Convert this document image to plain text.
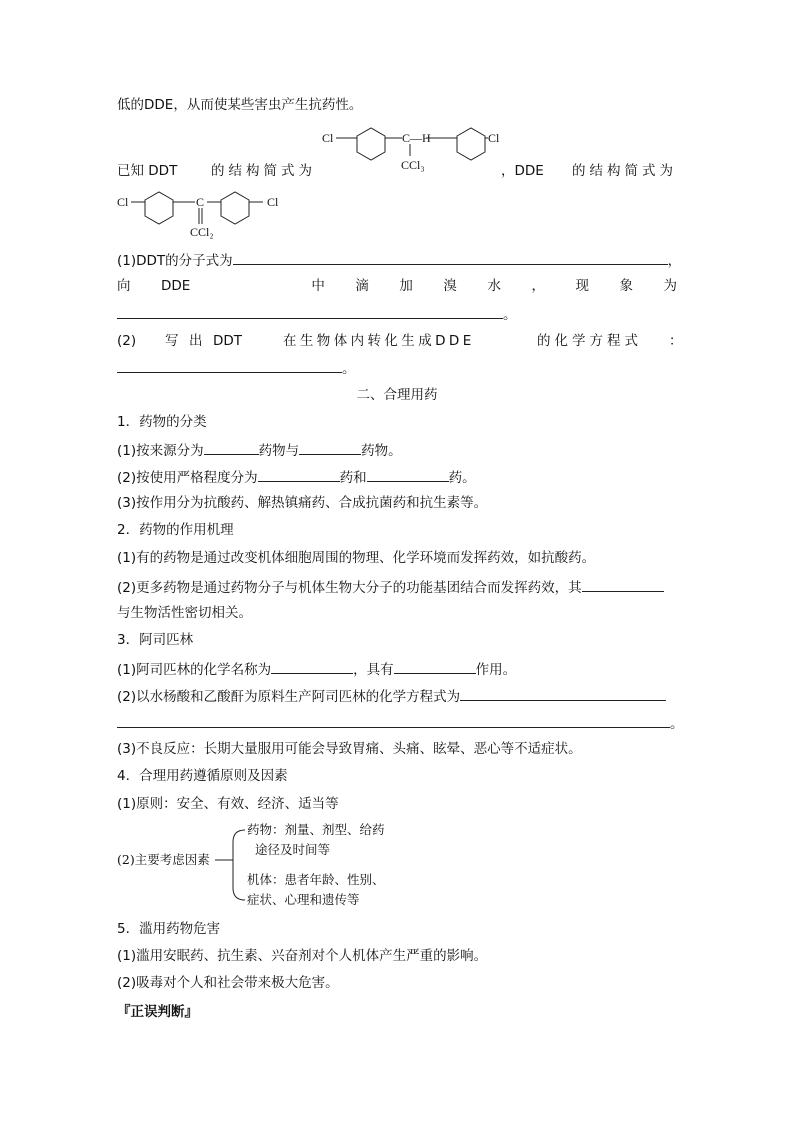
低的DDE，从而使某些害虫产生抗药性。
Cl	C—H	Cl
CCl₃
已知 DDT 的结构简式为	，DDE 的结构简式为
Cl	C	Cl
CCl₂
(1)DDT的分子式为	，
向 DDE	中 滴 加 溴 水 ， 现 象 为
。
(2) 写 出 DDT	在生物体内转化生成DDE	的化学方程式 ：
。
二、合理用药
1．药物的分类
(1)按来源分为	药物与	药物。
(2)按使用严格程度分为	药和	药。
(3)按作用分为抗酸药、解热镇痛药、合成抗菌药和抗生素等。
2．药物的作用机理
(1)有的药物是通过改变机体细胞周围的物理、化学环境而发挥药效，如抗酸药。
(2)更多药物是通过药物分子与机体生物大分子的功能基团结合而发挥药效，其
与生物活性密切相关。
3．阿司匹林
(1)阿司匹林的化学名称为	，具有	作用。
(2)以水杨酸和乙酸酐为原料生产阿司匹林的化学方程式为
。
(3)不良反应：长期大量服用可能会导致胃痛、头痛、眩晕、恶心等不适症状。
4．合理用药遵循原则及因素
(1)原则：安全、有效、经济、适当等
(2)主要考虑因素
药物：剂量、剂型、给药
途径及时间等
机体：患者年龄、性别、
症状、心理和遗传等
5．滥用药物危害
(1)滥用安眠药、抗生素、兴奋剂对个人机体产生严重的影响。
(2)吸毒对个人和社会带来极大危害。
『正误判断』
